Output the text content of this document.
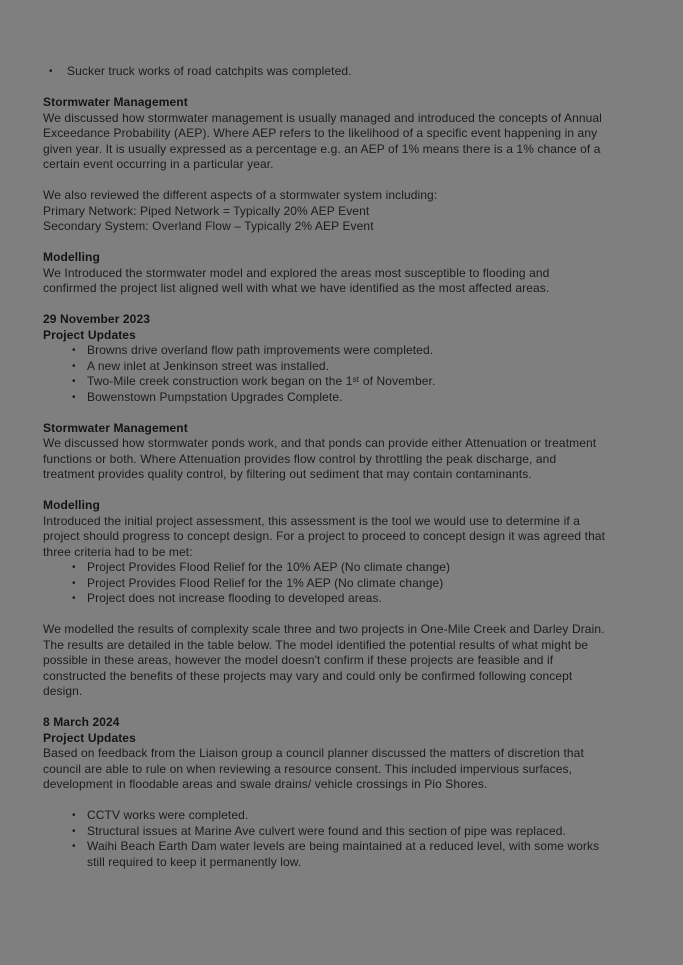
• Sucker truck works of road catchpits was completed.
Stormwater Management
We discussed how stormwater management is usually managed and introduced the concepts of Annual
Exceedance Probability (AEP). Where AEP refers to the likelihood of a specific event happening in any
given year. It is usually expressed as a percentage e.g. an AEP of 1% means there is a 1% chance of a
certain event occurring in a particular year.
We also reviewed the different aspects of a stormwater system including:
Primary Network: Piped Network = Typically 20% AEP Event
Secondary System: Overland Flow – Typically 2% AEP Event
Modelling
We Introduced the stormwater model and explored the areas most susceptible to flooding and
confirmed the project list aligned well with what we have identified as the most affected areas.
29 November 2023
Project Updates
• Browns drive overland flow path improvements were completed.
• A new inlet at Jenkinson street was installed.
• Two-Mile creek construction work began on the 1ˢᵗ of November.
• Bowenstown Pumpstation Upgrades Complete.
Stormwater Management
We discussed how stormwater ponds work, and that ponds can provide either Attenuation or treatment
functions or both. Where Attenuation provides flow control by throttling the peak discharge, and
treatment provides quality control, by filtering out sediment that may contain contaminants.
Modelling
Introduced the initial project assessment, this assessment is the tool we would use to determine if a
project should progress to concept design. For a project to proceed to concept design it was agreed that
three criteria had to be met:
• Project Provides Flood Relief for the 10% AEP (No climate change)
• Project Provides Flood Relief for the 1% AEP (No climate change)
• Project does not increase flooding to developed areas.
We modelled the results of complexity scale three and two projects in One-Mile Creek and Darley Drain.
The results are detailed in the table below. The model identified the potential results of what might be
possible in these areas, however the model doesn't confirm if these projects are feasible and if
constructed the benefits of these projects may vary and could only be confirmed following concept
design.
8 March 2024
Project Updates
Based on feedback from the Liaison group a council planner discussed the matters of discretion that
council are able to rule on when reviewing a resource consent. This included impervious surfaces,
development in floodable areas and swale drains/ vehicle crossings in Pio Shores.
• CCTV works were completed.
• Structural issues at Marine Ave culvert were found and this section of pipe was replaced.
• Waihi Beach Earth Dam water levels are being maintained at a reduced level, with some works
still required to keep it permanently low.
